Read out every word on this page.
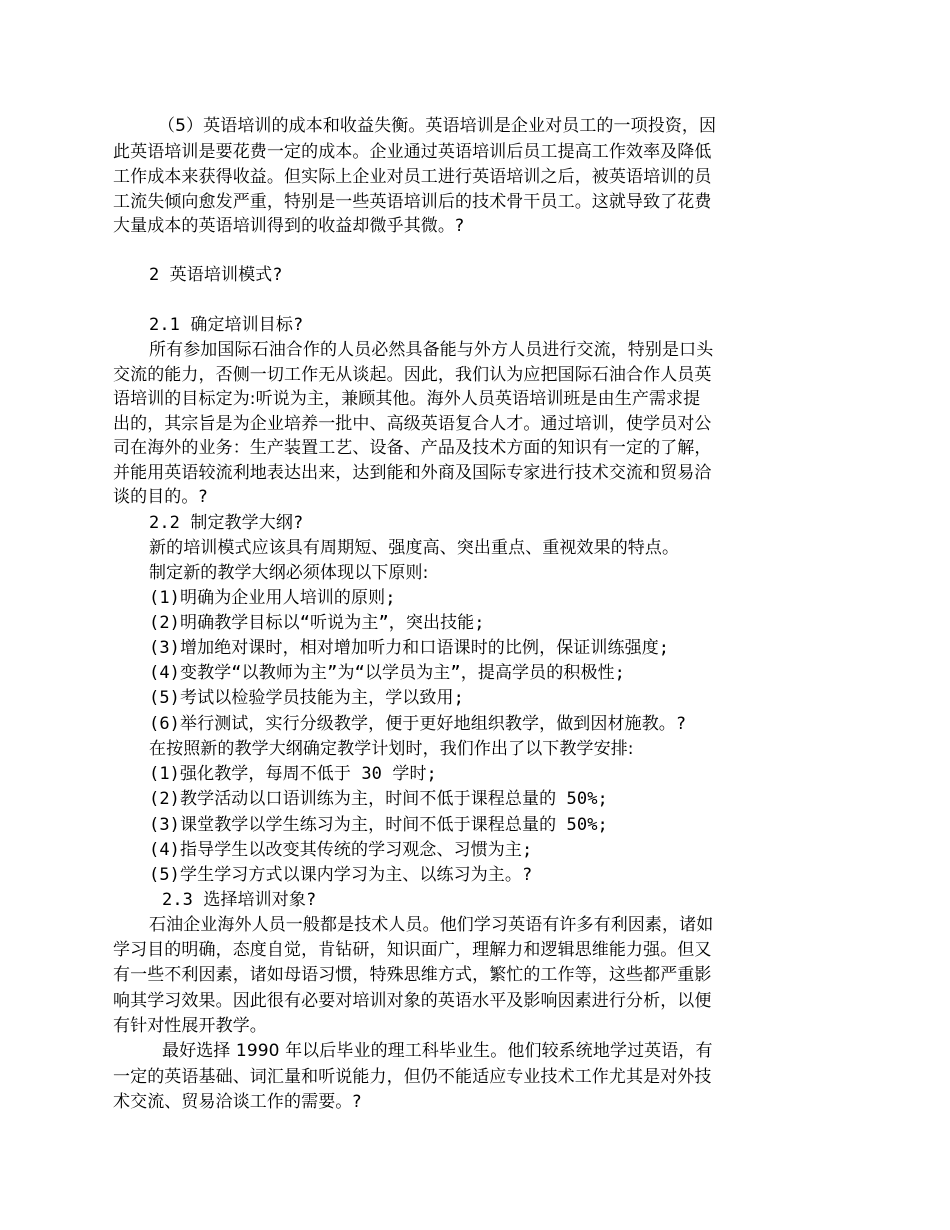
（5）英语培训的成本和收益失衡。英语培训是企业对员工的一项投资，因
此英语培训是要花费一定的成本。企业通过英语培训后员工提高工作效率及降低
工作成本来获得收益。但实际上企业对员工进行英语培训之后，被英语培训的员
工流失倾向愈发严重，特别是一些英语培训后的技术骨干员工。这就导致了花费
大量成本的英语培训得到的收益却微乎其微。?
2 英语培训模式?
2.1 确定培训目标?
所有参加国际石油合作的人员必然具备能与外方人员进行交流，特别是口头
交流的能力，否侧一切工作无从谈起。因此，我们认为应把国际石油合作人员英
语培训的目标定为:听说为主，兼顾其他。海外人员英语培训班是由生产需求提
出的，其宗旨是为企业培养一批中、高级英语复合人才。通过培训，使学员对公
司在海外的业务：生产装置工艺、设备、产品及技术方面的知识有一定的了解，
并能用英语较流利地表达出来，达到能和外商及国际专家进行技术交流和贸易洽
谈的目的。?
2.2 制定教学大纲?
新的培训模式应该具有周期短、强度高、突出重点、重视效果的特点。
制定新的教学大纲必须体现以下原则:
(1)明确为企业用人培训的原则;
(2)明确教学目标以“听说为主”，突出技能;
(3)增加绝对课时，相对增加听力和口语课时的比例，保证训练强度;
(4)变教学“以教师为主”为“以学员为主”，提高学员的积极性;
(5)考试以检验学员技能为主，学以致用;
(6)举行测试，实行分级教学，便于更好地组织教学，做到因材施教。?
在按照新的教学大纲确定教学计划时，我们作出了以下教学安排:
(1)强化教学，每周不低于 30 学时;
(2)教学活动以口语训练为主，时间不低于课程总量的 50%;
(3)课堂教学以学生练习为主，时间不低于课程总量的 50%;
(4)指导学生以改变其传统的学习观念、习惯为主;
(5)学生学习方式以课内学习为主、以练习为主。?
2.3 选择培训对象?
石油企业海外人员一般都是技术人员。他们学习英语有许多有利因素，诸如
学习目的明确，态度自觉，肯钻研，知识面广，理解力和逻辑思维能力强。但又
有一些不利因素，诸如母语习惯，特殊思维方式，繁忙的工作等，这些都严重影
响其学习效果。因此很有必要对培训对象的英语水平及影响因素进行分析，以便
有针对性展开教学。
最好选择 1990 年以后毕业的理工科毕业生。他们较系统地学过英语，有
一定的英语基础、词汇量和听说能力，但仍不能适应专业技术工作尤其是对外技
术交流、贸易洽谈工作的需要。?
